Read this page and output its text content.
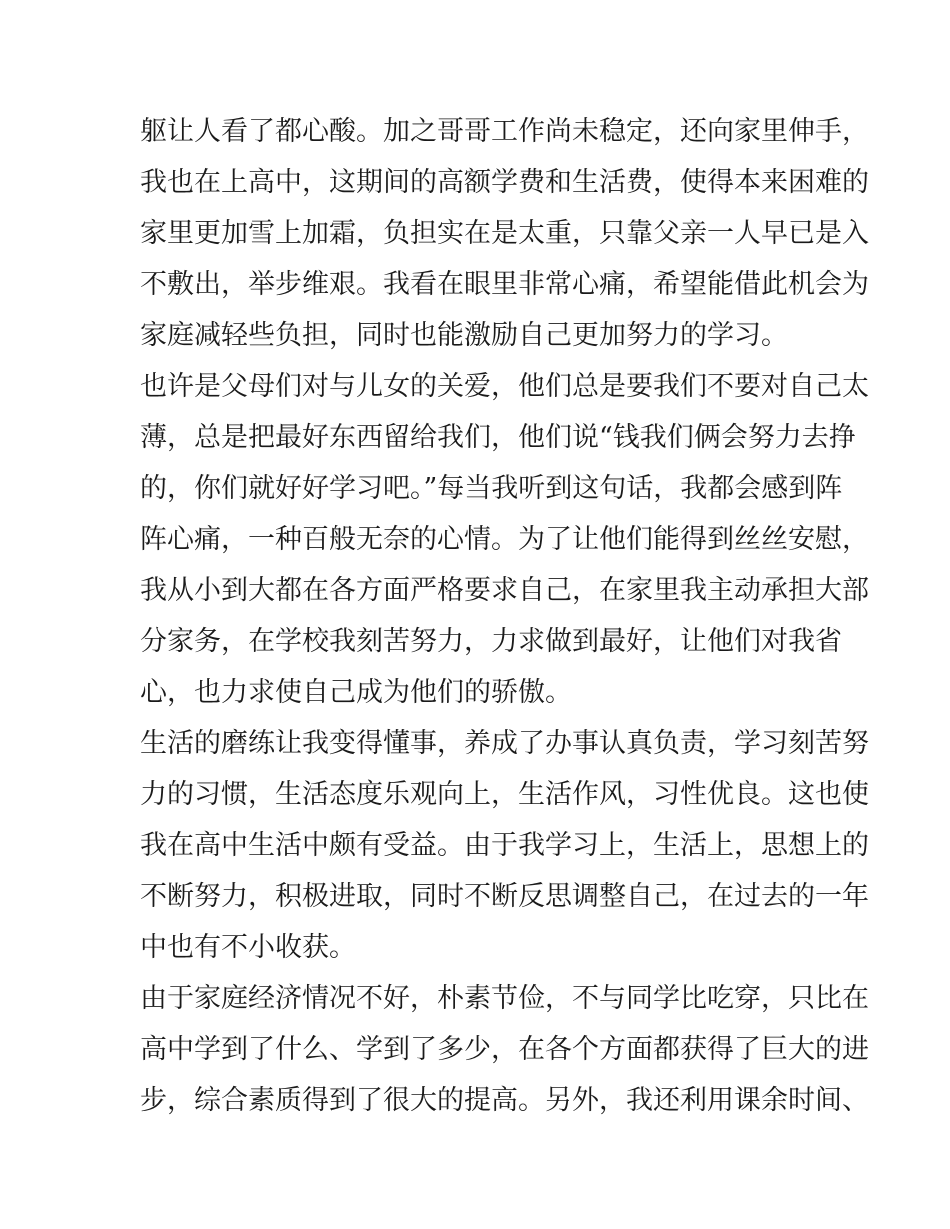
躯让人看了都心酸。加之哥哥工作尚未稳定，还向家里伸手，
我也在上高中，这期间的高额学费和生活费，使得本来困难的
家里更加雪上加霜，负担实在是太重，只靠父亲一人早已是入
不敷出，举步维艰。我看在眼里非常心痛，希望能借此机会为
家庭减轻些负担，同时也能激励自己更加努力的学习。
也许是父母们对与儿女的关爱，他们总是要我们不要对自己太
薄，总是把最好东西留给我们，他们说“钱我们俩会努力去挣
的，你们就好好学习吧。”每当我听到这句话，我都会感到阵
阵心痛，一种百般无奈的心情。为了让他们能得到丝丝安慰，
我从小到大都在各方面严格要求自己，在家里我主动承担大部
分家务，在学校我刻苦努力，力求做到最好，让他们对我省
心，也力求使自己成为他们的骄傲。
生活的磨练让我变得懂事，养成了办事认真负责，学习刻苦努
力的习惯，生活态度乐观向上，生活作风，习性优良。这也使
我在高中生活中颇有受益。由于我学习上，生活上，思想上的
不断努力，积极进取，同时不断反思调整自己，在过去的一年
中也有不小收获。
由于家庭经济情况不好，朴素节俭，不与同学比吃穿，只比在
高中学到了什么、学到了多少，在各个方面都获得了巨大的进
步，综合素质得到了很大的提高。另外，我还利用课余时间、
